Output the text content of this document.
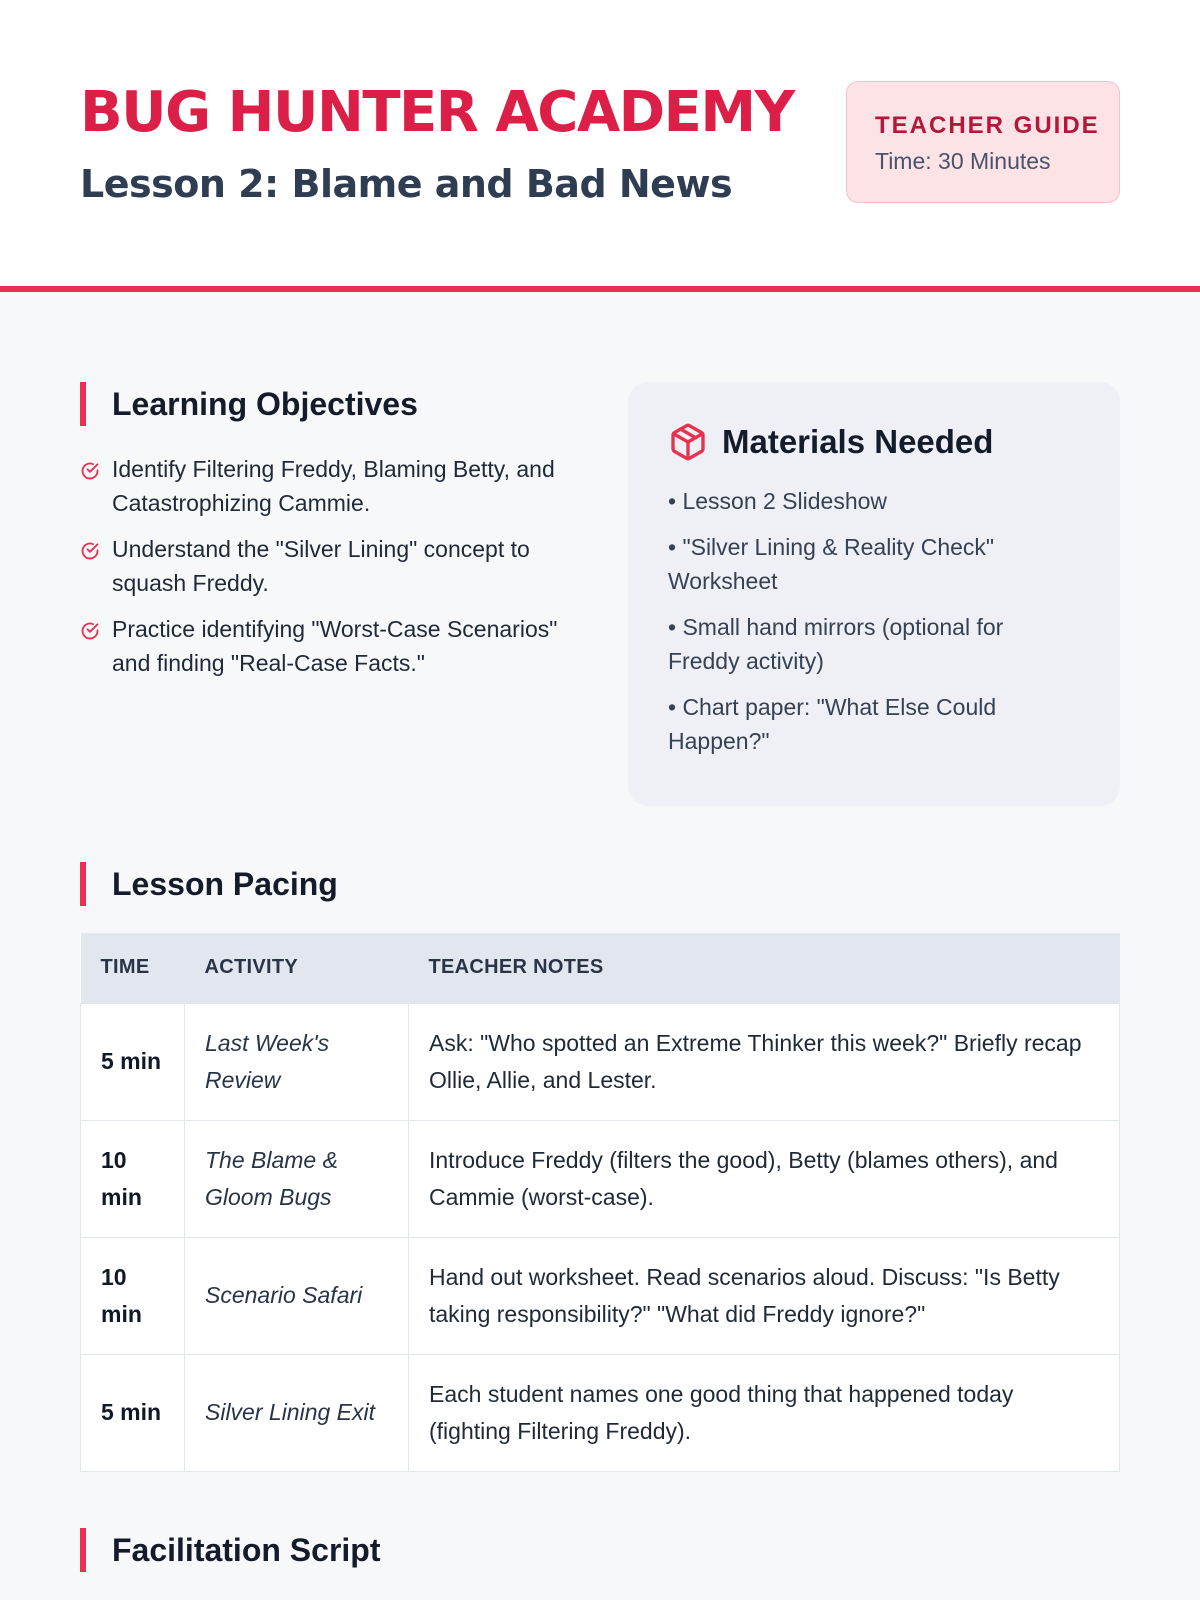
BUG HUNTER ACADEMY
Lesson 2: Blame and Bad News
TEACHER GUIDE
Time: 30 Minutes
Learning Objectives
Identify Filtering Freddy, Blaming Betty, and Catastrophizing Cammie.
Understand the "Silver Lining" concept to squash Freddy.
Practice identifying "Worst-Case Scenarios" and finding "Real-Case Facts."
Materials Needed
• Lesson 2 Slideshow
• "Silver Lining & Reality Check" Worksheet
• Small hand mirrors (optional for Freddy activity)
• Chart paper: "What Else Could Happen?"
Lesson Pacing
TIME	ACTIVITY	TEACHER NOTES
5 min	Last Week's Review	Ask: "Who spotted an Extreme Thinker this week?" Briefly recap Ollie, Allie, and Lester.
10 min	The Blame & Gloom Bugs	Introduce Freddy (filters the good), Betty (blames others), and Cammie (worst-case).
10 min	Scenario Safari	Hand out worksheet. Read scenarios aloud. Discuss: "Is Betty taking responsibility?" "What did Freddy ignore?"
5 min	Silver Lining Exit	Each student names one good thing that happened today (fighting Filtering Freddy).
Facilitation Script
